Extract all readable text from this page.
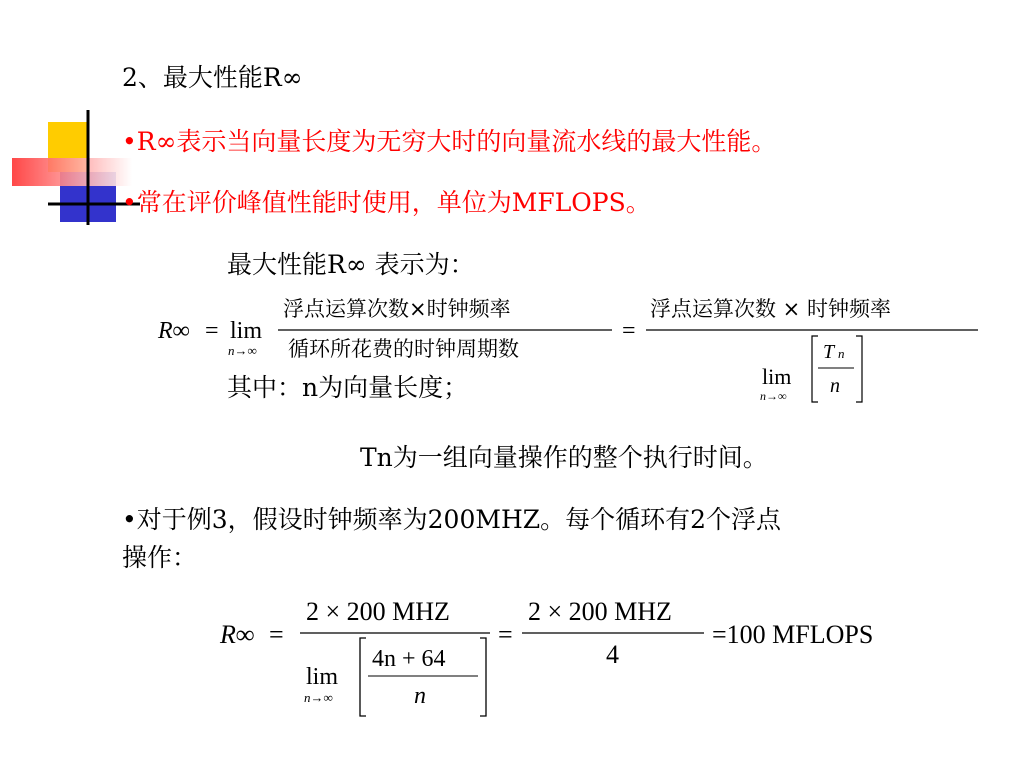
2、最大性能R∞
•R∞表示当向量长度为无穷大时的向量流水线的最大性能。
•常在评价峰值性能时使用，单位为MFLOPS。
最大性能R∞ 表示为：
其中：n为向量长度；
Tn为一组向量操作的整个执行时间。
•对于例3，假设时钟频率为200MHZ。每个循环有2个浮点
操作：
R∞ = lim
n→∞
浮点运算次数×时钟频率
循环所花费的时钟周期数
=
浮点运算次数 × 时钟频率
lim
n→∞
T n
n
R∞ =
2 × 200 MHZ
lim
n→∞
4n + 64
n
=
2 × 200 MHZ
4
=100 MFLOPS
